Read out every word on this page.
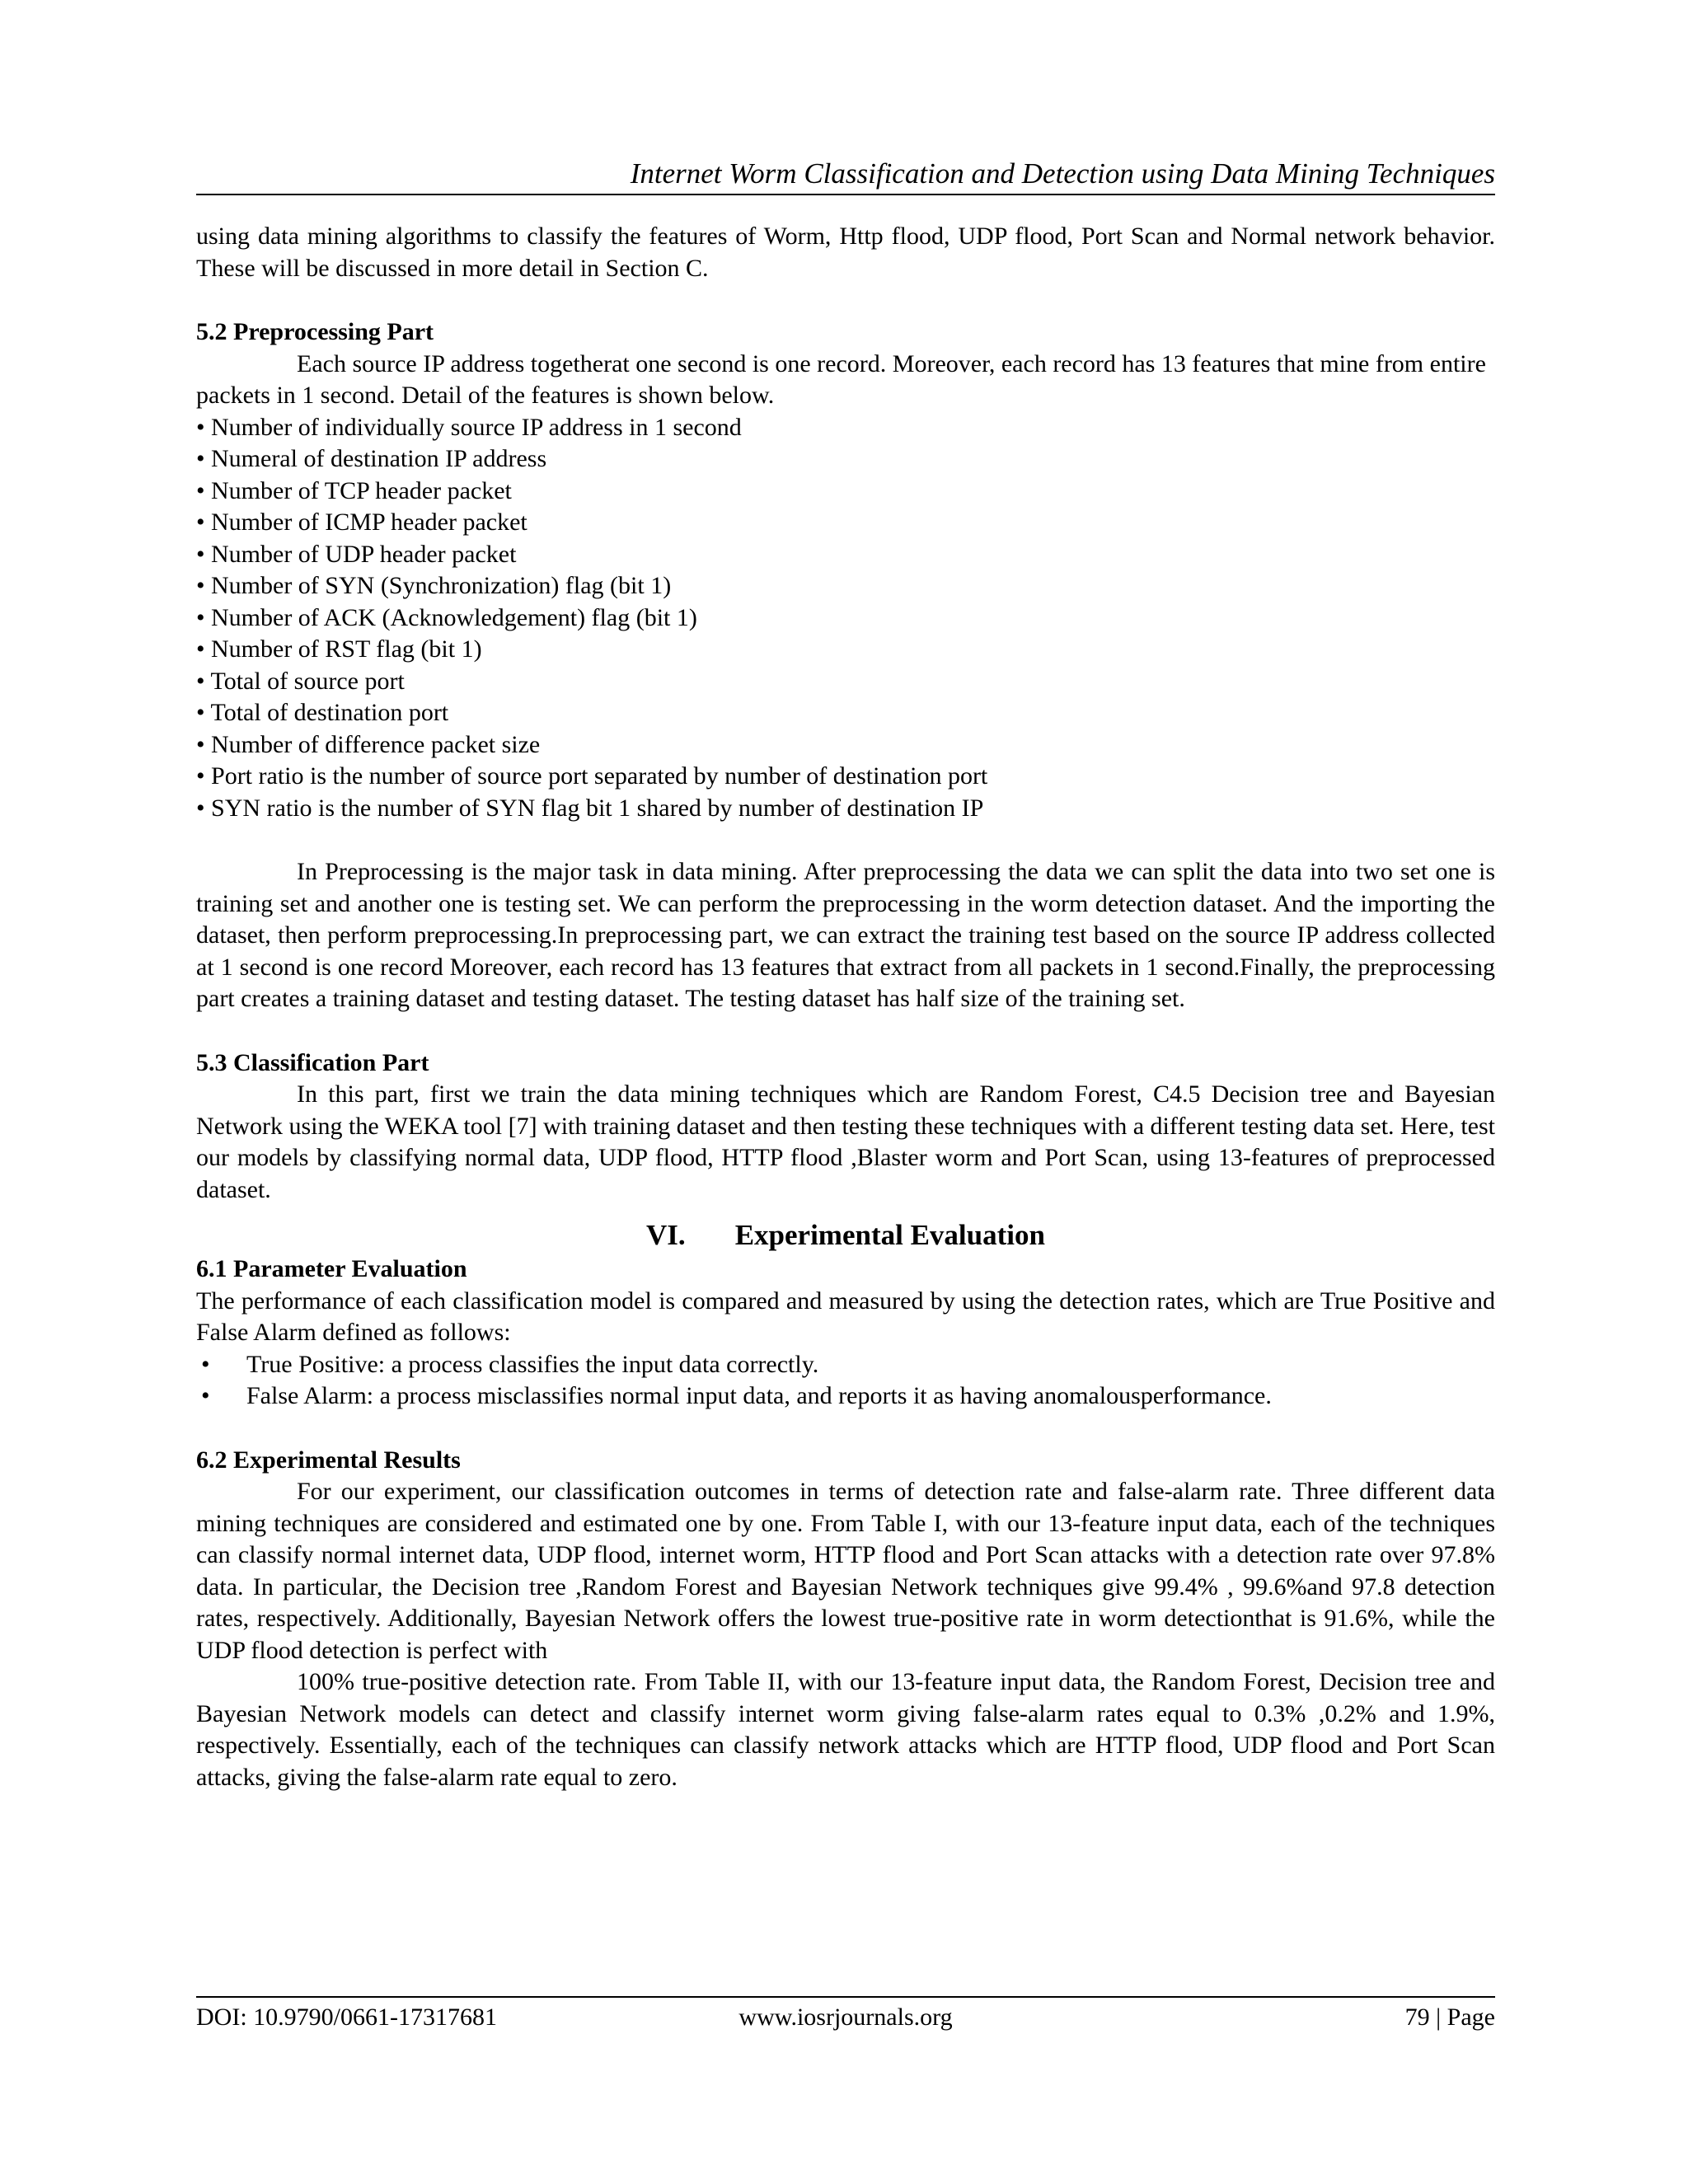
Internet Worm Classification and Detection using Data Mining Techniques

using data mining algorithms to classify the features of Worm, Http flood, UDP flood, Port Scan and Normal network behavior. These will be discussed in more detail in Section C.

5.2 Preprocessing Part

Each source IP address togetherat one second is one record. Moreover, each record has 13 features that mine from entire packets in 1 second. Detail of the features is shown below.

• Number of individually source IP address in 1 second
• Numeral of destination IP address
• Number of TCP header packet
• Number of ICMP header packet
• Number of UDP header packet
• Number of SYN (Synchronization) flag (bit 1)
• Number of ACK (Acknowledgement) flag (bit 1)
• Number of RST flag (bit 1)
• Total of source port
• Total of destination port
• Number of difference packet size
• Port ratio is the number of source port separated by number of destination port
• SYN ratio is the number of SYN flag bit 1 shared by number of destination IP

In Preprocessing is the major task in data mining. After preprocessing the data we can split the data into two set one is training set and another one is testing set. We can perform the preprocessing in the worm detection dataset. And the importing the dataset, then perform preprocessing.In preprocessing part, we can extract the training test based on the source IP address collected at 1 second is one record Moreover, each record has 13 features that extract from all packets in 1 second.Finally, the preprocessing part creates a training dataset and testing dataset. The testing dataset has half size of the training set.

5.3 Classification Part

In this part, first we train the data mining techniques which are Random Forest, C4.5 Decision tree and Bayesian Network using the WEKA tool [7] with training dataset and then testing these techniques with a different testing data set. Here, test our models by classifying normal data, UDP flood, HTTP flood ,Blaster worm and Port Scan, using 13-features of preprocessed dataset.

VI. Experimental Evaluation

6.1 Parameter Evaluation

The performance of each classification model is compared and measured by using the detection rates, which are True Positive and False Alarm defined as follows:

• True Positive: a process classifies the input data correctly.
• False Alarm: a process misclassifies normal input data, and reports it as having anomalousperformance.

6.2 Experimental Results

For our experiment, our classification outcomes in terms of detection rate and false-alarm rate. Three different data mining techniques are considered and estimated one by one. From Table I, with our 13-feature input data, each of the techniques can classify normal internet data, UDP flood, internet worm, HTTP flood and Port Scan attacks with a detection rate over 97.8% data. In particular, the Decision tree ,Random Forest and Bayesian Network techniques give 99.4% , 99.6%and 97.8 detection rates, respectively. Additionally, Bayesian Network offers the lowest true-positive rate in worm detectionthat is 91.6%, while the UDP flood detection is perfect with

100% true-positive detection rate. From Table II, with our 13-feature input data, the Random Forest, Decision tree and Bayesian Network models can detect and classify internet worm giving false-alarm rates equal to 0.3% ,0.2% and 1.9%, respectively. Essentially, each of the techniques can classify network attacks which are HTTP flood, UDP flood and Port Scan attacks, giving the false-alarm rate equal to zero.

www.iosrjournals.org
DOI: 10.9790/0661-17317681	79 | Page
